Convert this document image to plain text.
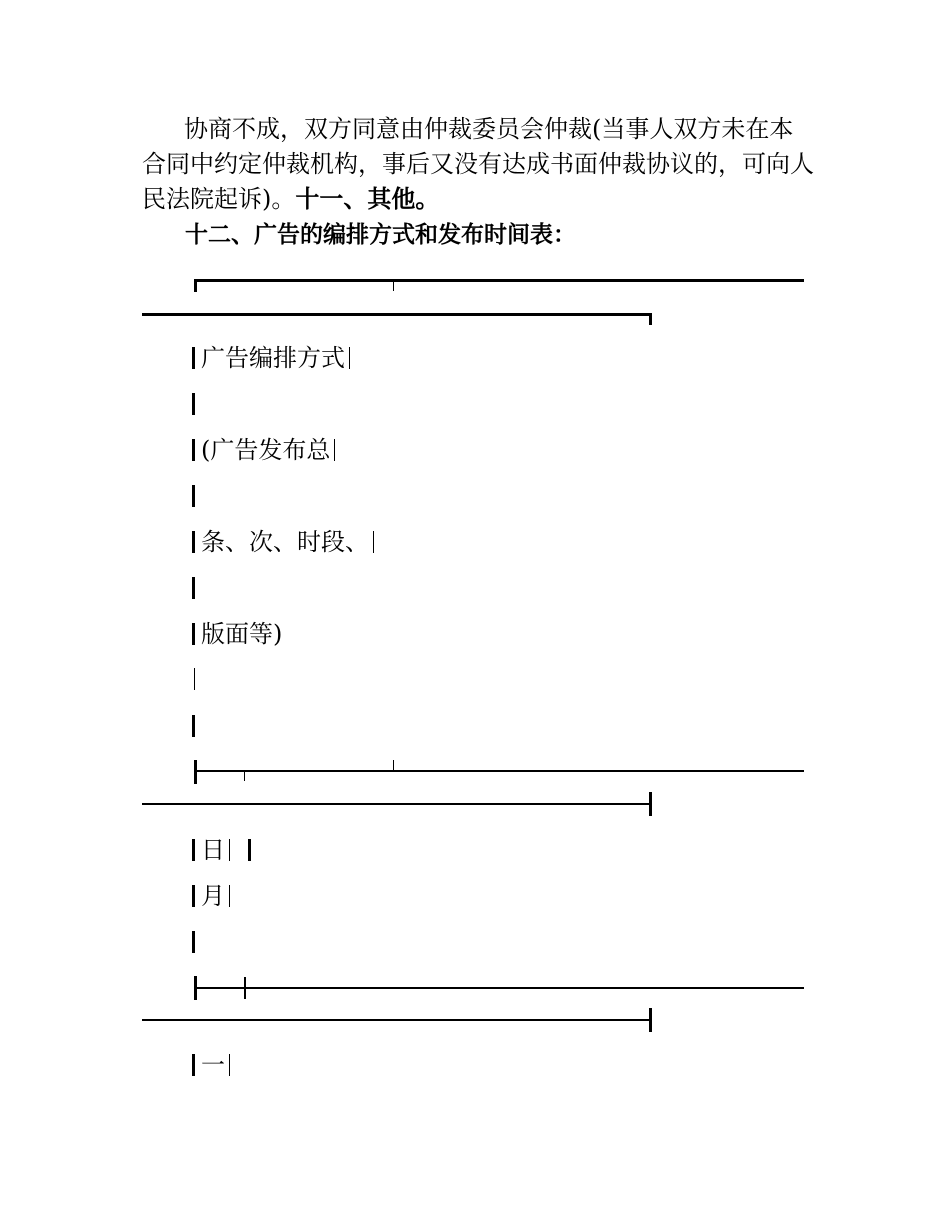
协商不成，双方同意由仲裁委员会仲裁(当事人双方未在本合同中约定仲裁机构，事后又没有达成书面仲裁协议的，可向人民法院起诉)。十一、其他。

十二、广告的编排方式和发布时间表：

广告编排方式

(广告发布总

条、次、时段、

版面等)

日

月

一
